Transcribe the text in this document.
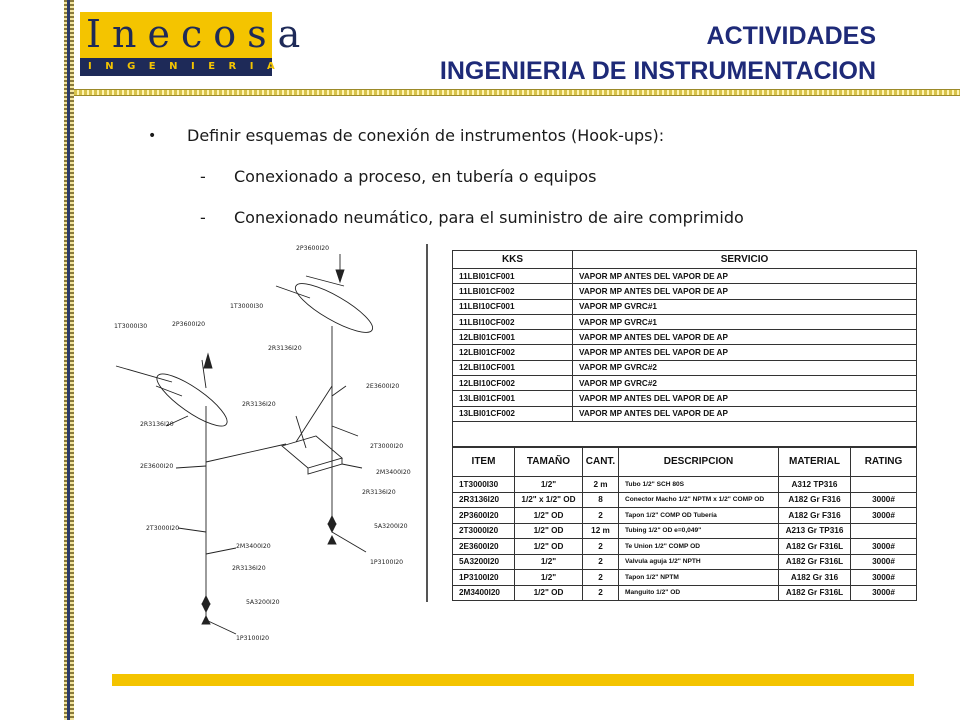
Inecosa
INGENIERIA
ACTIVIDADES
INGENIERIA DE INSTRUMENTACION
• Definir esquemas de conexión de instrumentos (Hook-ups):
- Conexionado a proceso, en tubería o equipos
- Conexionado neumático, para el suministro de aire comprimido
1T3000I30	2P3600I20
2R3136I20
2E3600I20
2T3000I20
2M3400I20
2R3136I20
5A3200I20
1P3100I20
2P3600I20
1T3000I30
2R3136I20
2R3136I20
2E3600I20
2T3000I20
2M3400I20
2R3136I20
5A3200I20
1P3100I20
KKS	SERVICIO
11LBI01CF001	VAPOR MP ANTES DEL VAPOR DE AP
11LBI01CF002	VAPOR MP ANTES DEL VAPOR DE AP
11LBI10CF001	VAPOR MP GVRC#1
11LBI10CF002	VAPOR MP GVRC#1
12LBI01CF001	VAPOR MP ANTES DEL VAPOR DE AP
12LBI01CF002	VAPOR MP ANTES DEL VAPOR DE AP
12LBI10CF001	VAPOR MP GVRC#2
12LBI10CF002	VAPOR MP GVRC#2
13LBI01CF001	VAPOR MP ANTES DEL VAPOR DE AP
13LBI01CF002	VAPOR MP ANTES DEL VAPOR DE AP

ITEM	TAMAÑO	CANT.	DESCRIPCION	MATERIAL	RATING
1T3000I30	1/2"	2 m	Tubo 1/2" SCH 80S	A312 TP316	
2R3136I20	1/2" x 1/2" OD	8	Conector Macho 1/2" NPTM x 1/2" COMP OD	A182 Gr F316	3000#
2P3600I20	1/2" OD	2	Tapon 1/2" COMP OD Tubería	A182 Gr F316	3000#
2T3000I20	1/2" OD	12 m	Tubing 1/2" OD e=0,049"	A213 Gr TP316	
2E3600I20	1/2" OD	2	Te Union 1/2" COMP OD	A182 Gr F316L	3000#
5A3200I20	1/2"	2	Valvula aguja 1/2" NPTH	A182 Gr F316L	3000#
1P3100I20	1/2"	2	Tapon 1/2" NPTM	A182 Gr 316	3000#
2M3400I20	1/2" OD	2	Manguito 1/2" OD	A182 Gr F316L	3000#
